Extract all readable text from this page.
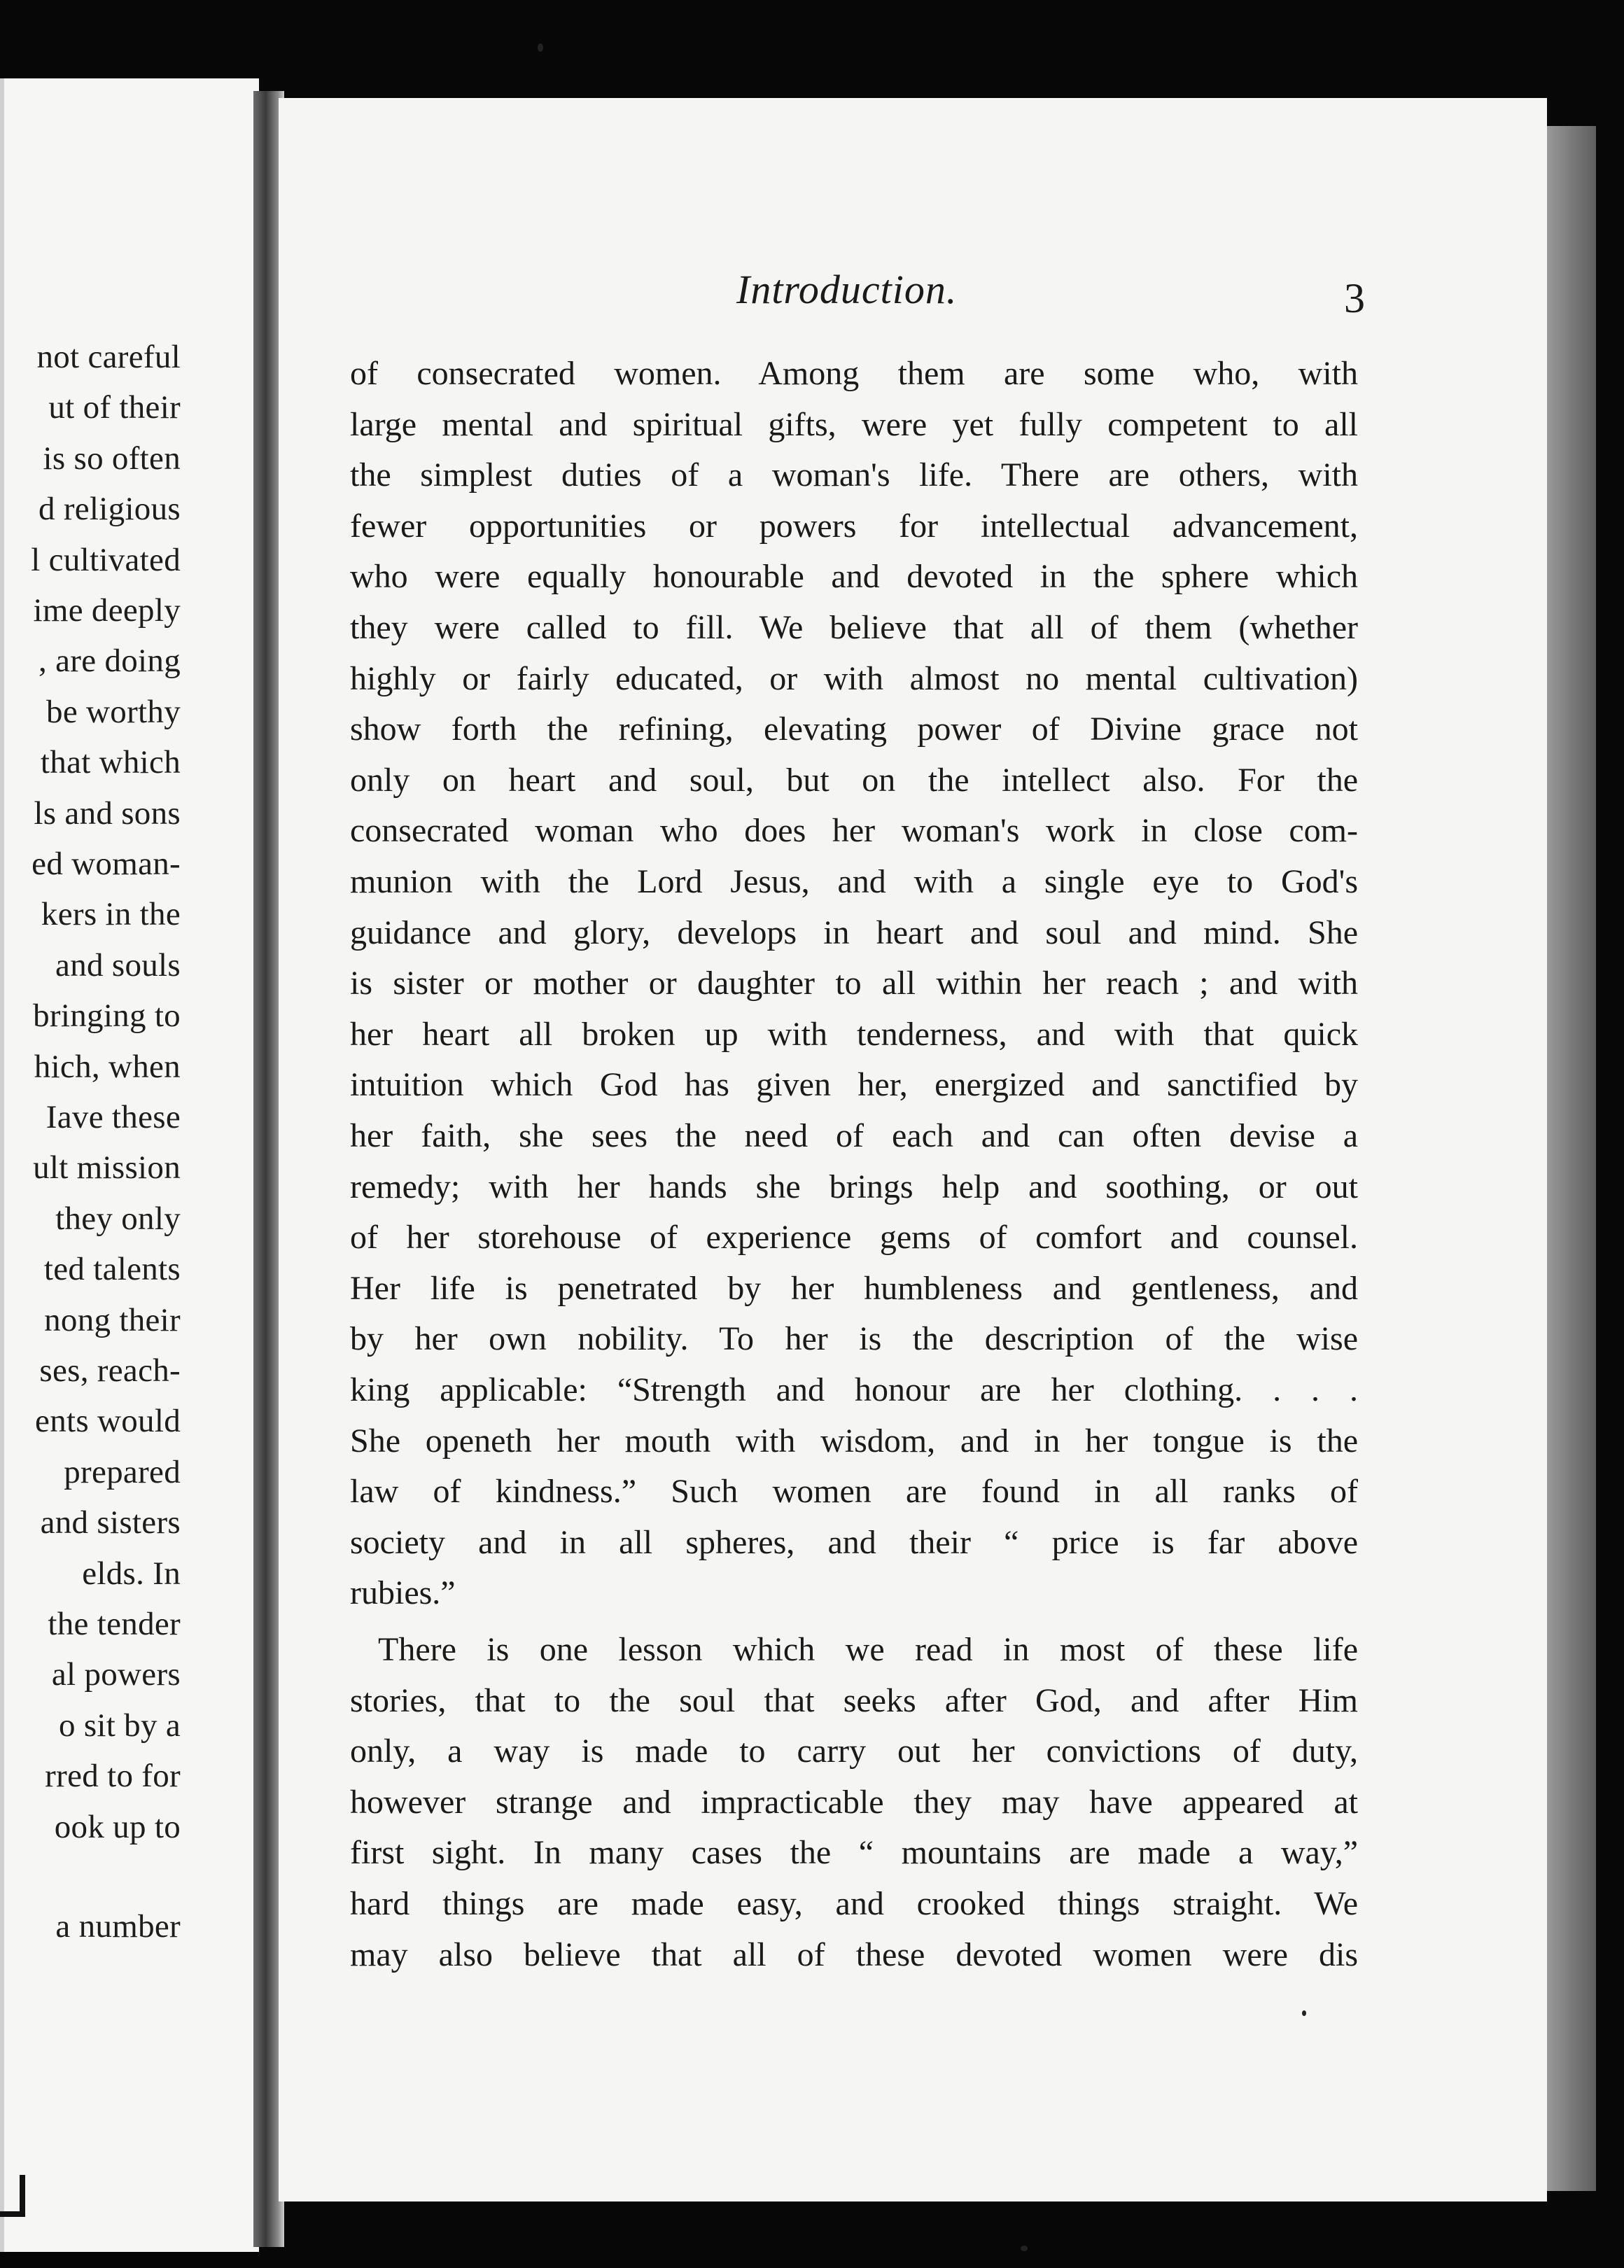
not careful
ut of their
is so often
d religious
l cultivated
ime deeply
, are doing
be worthy
that which
ls and sons
ed woman-
kers in the
and souls
bringing to
hich, when
Iave these
ult mission
they only
ted talents
nong their
ses, reach-
ents would
prepared
and sisters
elds. In
the tender
al powers
o sit by a
rred to for
ook up to
a number
Introduction.	3
of consecrated women. Among them are some who, with
large mental and spiritual gifts, were yet fully competent to all
the simplest duties of a woman's life. There are others, with
fewer opportunities or powers for intellectual advancement,
who were equally honourable and devoted in the sphere which
they were called to fill. We believe that all of them (whether
highly or fairly educated, or with almost no mental cultivation)
show forth the refining, elevating power of Divine grace not
only on heart and soul, but on the intellect also. For the
consecrated woman who does her woman's work in close com-
munion with the Lord Jesus, and with a single eye to God's
guidance and glory, develops in heart and soul and mind. She
is sister or mother or daughter to all within her reach ; and with
her heart all broken up with tenderness, and with that quick
intuition which God has given her, energized and sanctified by
her faith, she sees the need of each and can often devise a
remedy; with her hands she brings help and soothing, or out
of her storehouse of experience gems of comfort and counsel.
Her life is penetrated by her humbleness and gentleness, and
by her own nobility. To her is the description of the wise
king applicable: “Strength and honour are her clothing. . . .
She openeth her mouth with wisdom, and in her tongue is the
law of kindness.” Such women are found in all ranks of
society and in all spheres, and their “ price is far above
rubies.”
There is one lesson which we read in most of these life
stories, that to the soul that seeks after God, and after Him
only, a way is made to carry out her convictions of duty,
however strange and impracticable they may have appeared at
first sight. In many cases the “ mountains are made a way,”
hard things are made easy, and crooked things straight. We
may also believe that all of these devoted women were dis
